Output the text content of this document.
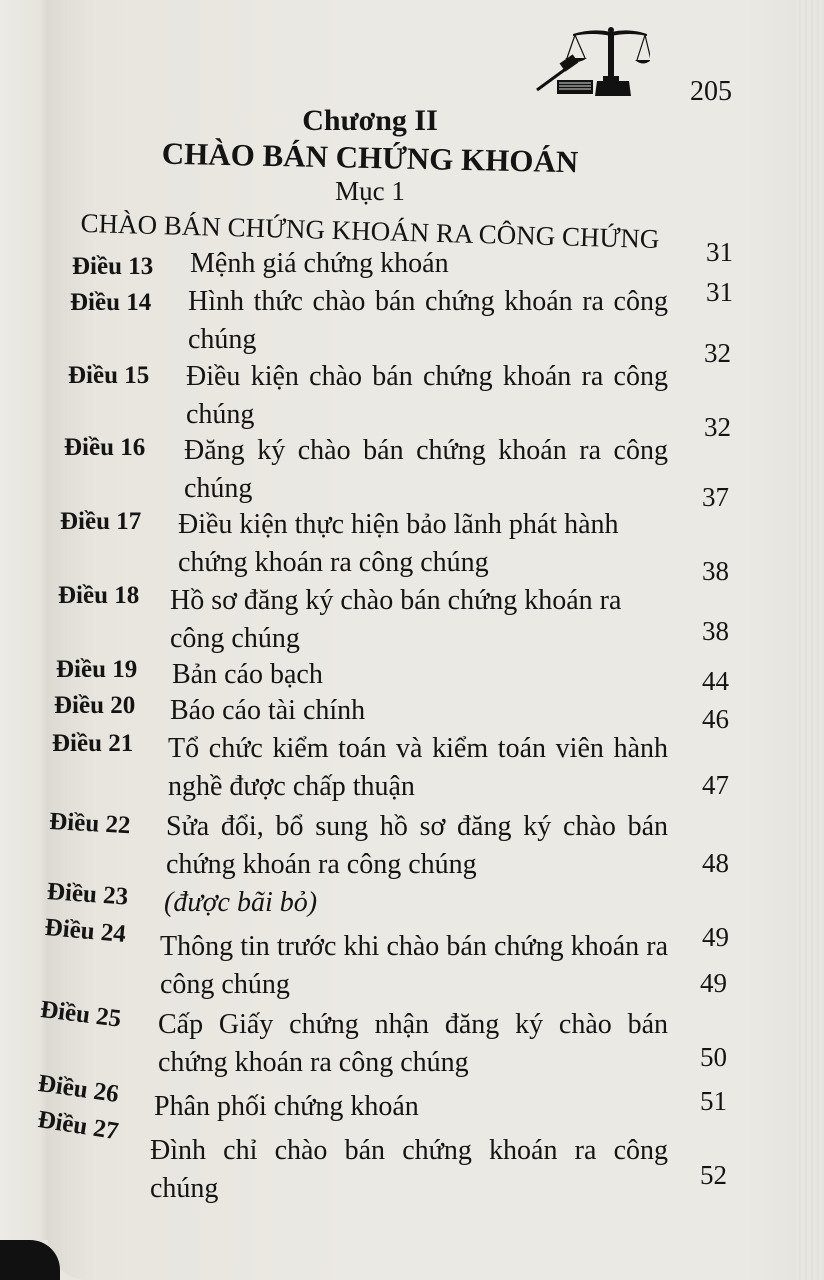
205
Chương II
CHÀO BÁN CHỨNG KHOÁN
Mục 1
CHÀO BÁN CHỨNG KHOÁN RA CÔNG CHỨNG
Điều 13 Mệnh giá chứng khoán	31
Điều 14 Hình thức chào bán chứng khoán ra công chúng
31
Điều 15 Điều kiện chào bán chứng khoán ra công chúng
32
Điều 16 Đăng ký chào bán chứng khoán ra công chúng
32
Điều 17 Điều kiện thực hiện bảo lãnh phát hành chứng khoán ra công chúng
37
Điều 18 Hồ sơ đăng ký chào bán chứng khoán ra công chúng
38
Điều 19 Bản cáo bạch
38
Điều 20 Báo cáo tài chính
44
Điều 21 Tổ chức kiểm toán và kiểm toán viên hành nghề được chấp thuận
46
Điều 22 Sửa đổi, bổ sung hồ sơ đăng ký chào bán chứng khoán ra công chúng
47
Điều 23 (được bãi bỏ)
48
Điều 24 Thông tin trước khi chào bán chứng khoán ra công chúng
49
Điều 25 Cấp Giấy chứng nhận đăng ký chào bán chứng khoán ra công chúng
49
Điều 26 Phân phối chứng khoán
50
Điều 27
Đình chỉ chào bán chứng khoán ra công chúng
51
52
